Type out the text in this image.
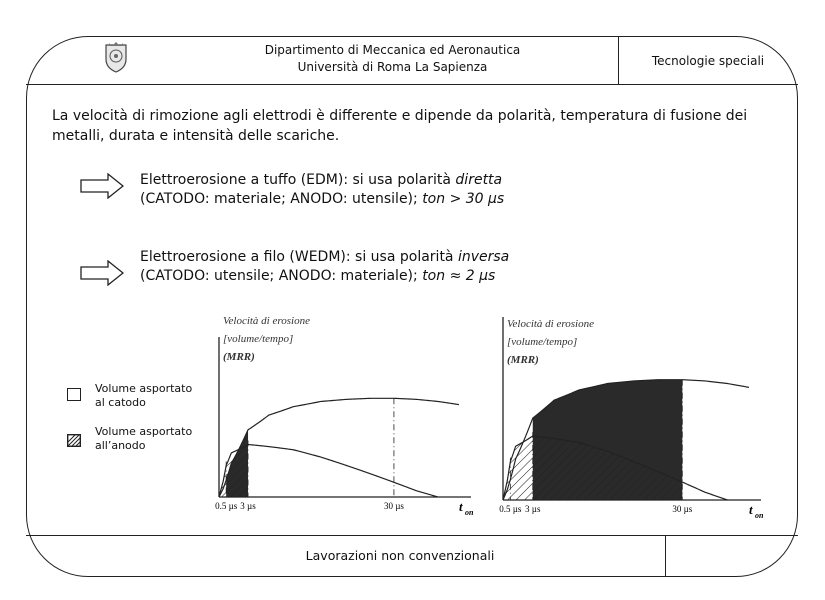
Dipartimento di Meccanica ed Aeronautica
Università di Roma La Sapienza	Tecnologie speciali
La velocità di rimozione agli elettrodi è differente e dipende da polarità, temperatura di fusione dei metalli, durata e intensità delle scariche.
Elettroerosione a tuffo (EDM): si usa polarità diretta
(CATODO: materiale; ANODO: utensile); ton > 30 µs
Elettroerosione a filo (WEDM): si usa polarità inversa
(CATODO: utensile; ANODO: materiale); ton ≈ 2 µs
Volume asportato al catodo
Volume asportato all’anodo
0.5 µs 3 µs	30 µs
Velocità di erosione
[volume/tempo]
(MRR)
t on	0.5 µs 3 µs	30 µs
Velocità di erosione
[volume/tempo]
(MRR)
t on
Lavorazioni non convenzionali
